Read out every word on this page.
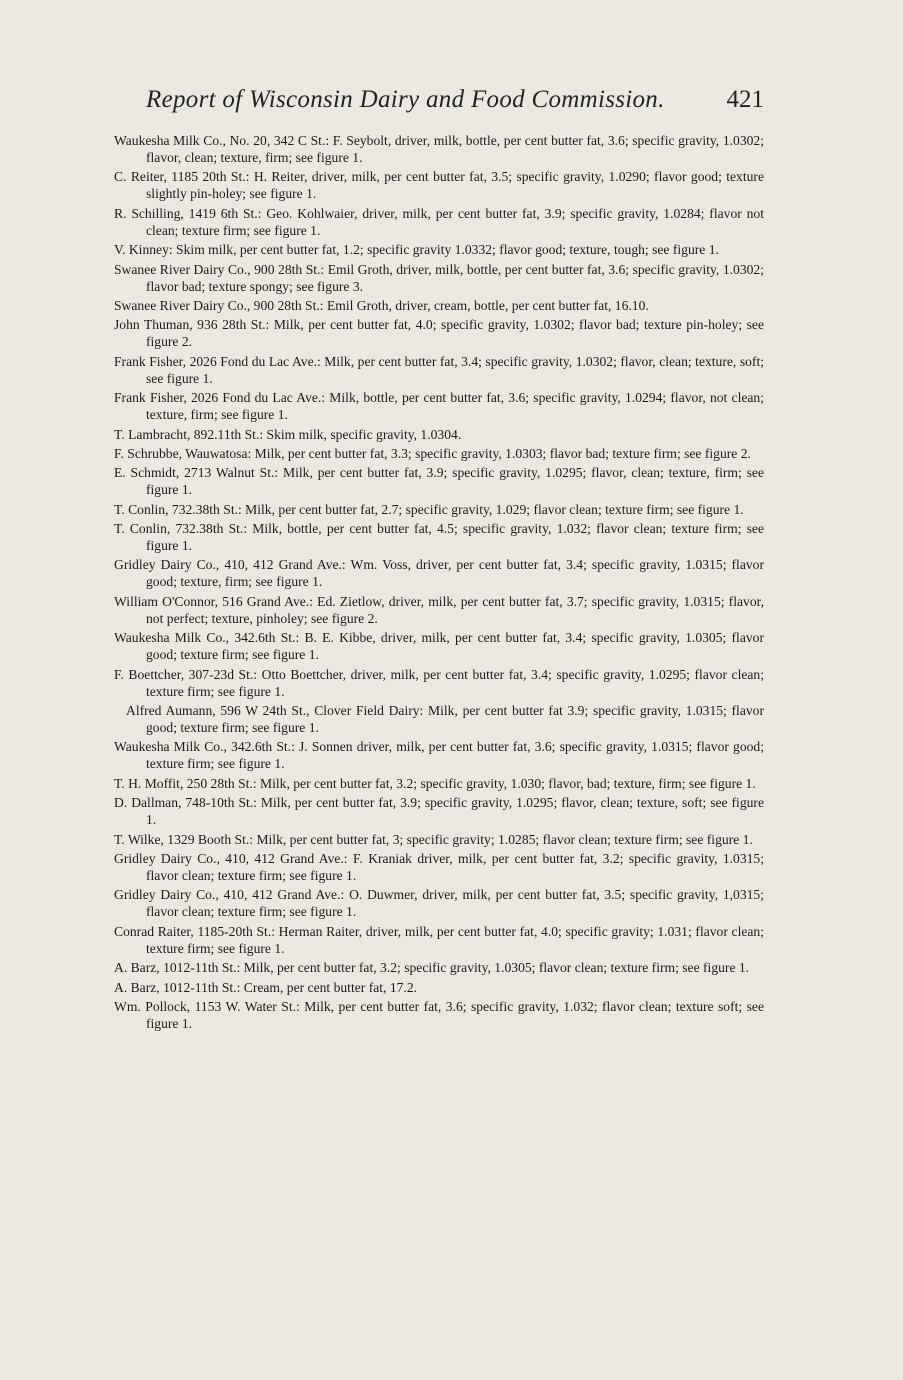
Report of Wisconsin Dairy and Food Commission. 421

Waukesha Milk Co., No. 20, 342 C St.: F. Seybolt, driver, milk, bottle, per cent butter fat, 3.6; specific gravity, 1.0302; flavor, clean; texture, firm; see figure 1.

C. Reiter, 1185 20th St.: H. Reiter, driver, milk, per cent butter fat, 3.5; specific gravity, 1.0290; flavor good; texture slightly pin-holey; see figure 1.

R. Schilling, 1419 6th St.: Geo. Kohlwaier, driver, milk, per cent butter fat, 3.9; specific gravity, 1.0284; flavor not clean; texture firm; see figure 1.

V. Kinney: Skim milk, per cent butter fat, 1.2; specific gravity 1.0332; flavor good; texture, tough; see figure 1.

Swanee River Dairy Co., 900 28th St.: Emil Groth, driver, milk, bottle, per cent butter fat, 3.6; specific gravity, 1.0302; flavor bad; texture spongy; see figure 3.

Swanee River Dairy Co., 900 28th St.: Emil Groth, driver, cream, bottle, per cent butter fat, 16.10.

John Thuman, 936 28th St.: Milk, per cent butter fat, 4.0; specific gravity, 1.0302; flavor bad; texture pin-holey; see figure 2.

Frank Fisher, 2026 Fond du Lac Ave.: Milk, per cent butter fat, 3.4; specific gravity, 1.0302; flavor, clean; texture, soft; see figure 1.

Frank Fisher, 2026 Fond du Lac Ave.: Milk, bottle, per cent butter fat, 3.6; specific gravity, 1.0294; flavor, not clean; texture, firm; see figure 1.

T. Lambracht, 892.11th St.: Skim milk, specific gravity, 1.0304.

F. Schrubbe, Wauwatosa: Milk, per cent butter fat, 3.3; specific gravity, 1.0303; flavor bad; texture firm; see figure 2.

E. Schmidt, 2713 Walnut St.: Milk, per cent butter fat, 3.9; specific gravity, 1.0295; flavor, clean; texture, firm; see figure 1.

T. Conlin, 732.38th St.: Milk, per cent butter fat, 2.7; specific gravity, 1.029; flavor clean; texture firm; see figure 1.

T. Conlin, 732.38th St.: Milk, bottle, per cent butter fat, 4.5; specific gravity, 1.032; flavor clean; texture firm; see figure 1.

Gridley Dairy Co., 410, 412 Grand Ave.: Wm. Voss, driver, per cent butter fat, 3.4; specific gravity, 1.0315; flavor good; texture, firm; see figure 1.

William O'Connor, 516 Grand Ave.: Ed. Zietlow, driver, milk, per cent butter fat, 3.7; specific gravity, 1.0315; flavor, not perfect; texture, pinholey; see figure 2.

Waukesha Milk Co., 342.6th St.: B. E. Kibbe, driver, milk, per cent butter fat, 3.4; specific gravity, 1.0305; flavor good; texture firm; see figure 1.

F. Boettcher, 307-23d St.: Otto Boettcher, driver, milk, per cent butter fat, 3.4; specific gravity, 1.0295; flavor clean; texture firm; see figure 1.

Alfred Aumann, 596 W 24th St., Clover Field Dairy: Milk, per cent butter fat 3.9; specific gravity, 1.0315; flavor good; texture firm; see figure 1.

Waukesha Milk Co., 342.6th St.: J. Sonnen driver, milk, per cent butter fat, 3.6; specific gravity, 1.0315; flavor good; texture firm; see figure 1.

T. H. Moffit, 250 28th St.: Milk, per cent butter fat, 3.2; specific gravity, 1.030; flavor, bad; texture, firm; see figure 1.

D. Dallman, 748-10th St.: Milk, per cent butter fat, 3.9; specific gravity, 1.0295; flavor, clean; texture, soft; see figure 1.

T. Wilke, 1329 Booth St.: Milk, per cent butter fat, 3; specific gravity; 1.0285; flavor clean; texture firm; see figure 1.

Gridley Dairy Co., 410, 412 Grand Ave.: F. Kraniak driver, milk, per cent butter fat, 3.2; specific gravity, 1.0315; flavor clean; texture firm; see figure 1.

Gridley Dairy Co., 410, 412 Grand Ave.: O. Duwmer, driver, milk, per cent butter fat, 3.5; specific gravity, 1,0315; flavor clean; texture firm; see figure 1.

Conrad Raiter, 1185-20th St.: Herman Raiter, driver, milk, per cent butter fat, 4.0; specific gravity; 1.031; flavor clean; texture firm; see figure 1.

A. Barz, 1012-11th St.: Milk, per cent butter fat, 3.2; specific gravity, 1.0305; flavor clean; texture firm; see figure 1.

A. Barz, 1012-11th St.: Cream, per cent butter fat, 17.2.

Wm. Pollock, 1153 W. Water St.: Milk, per cent butter fat, 3.6; specific gravity, 1.032; flavor clean; texture soft; see figure 1.
